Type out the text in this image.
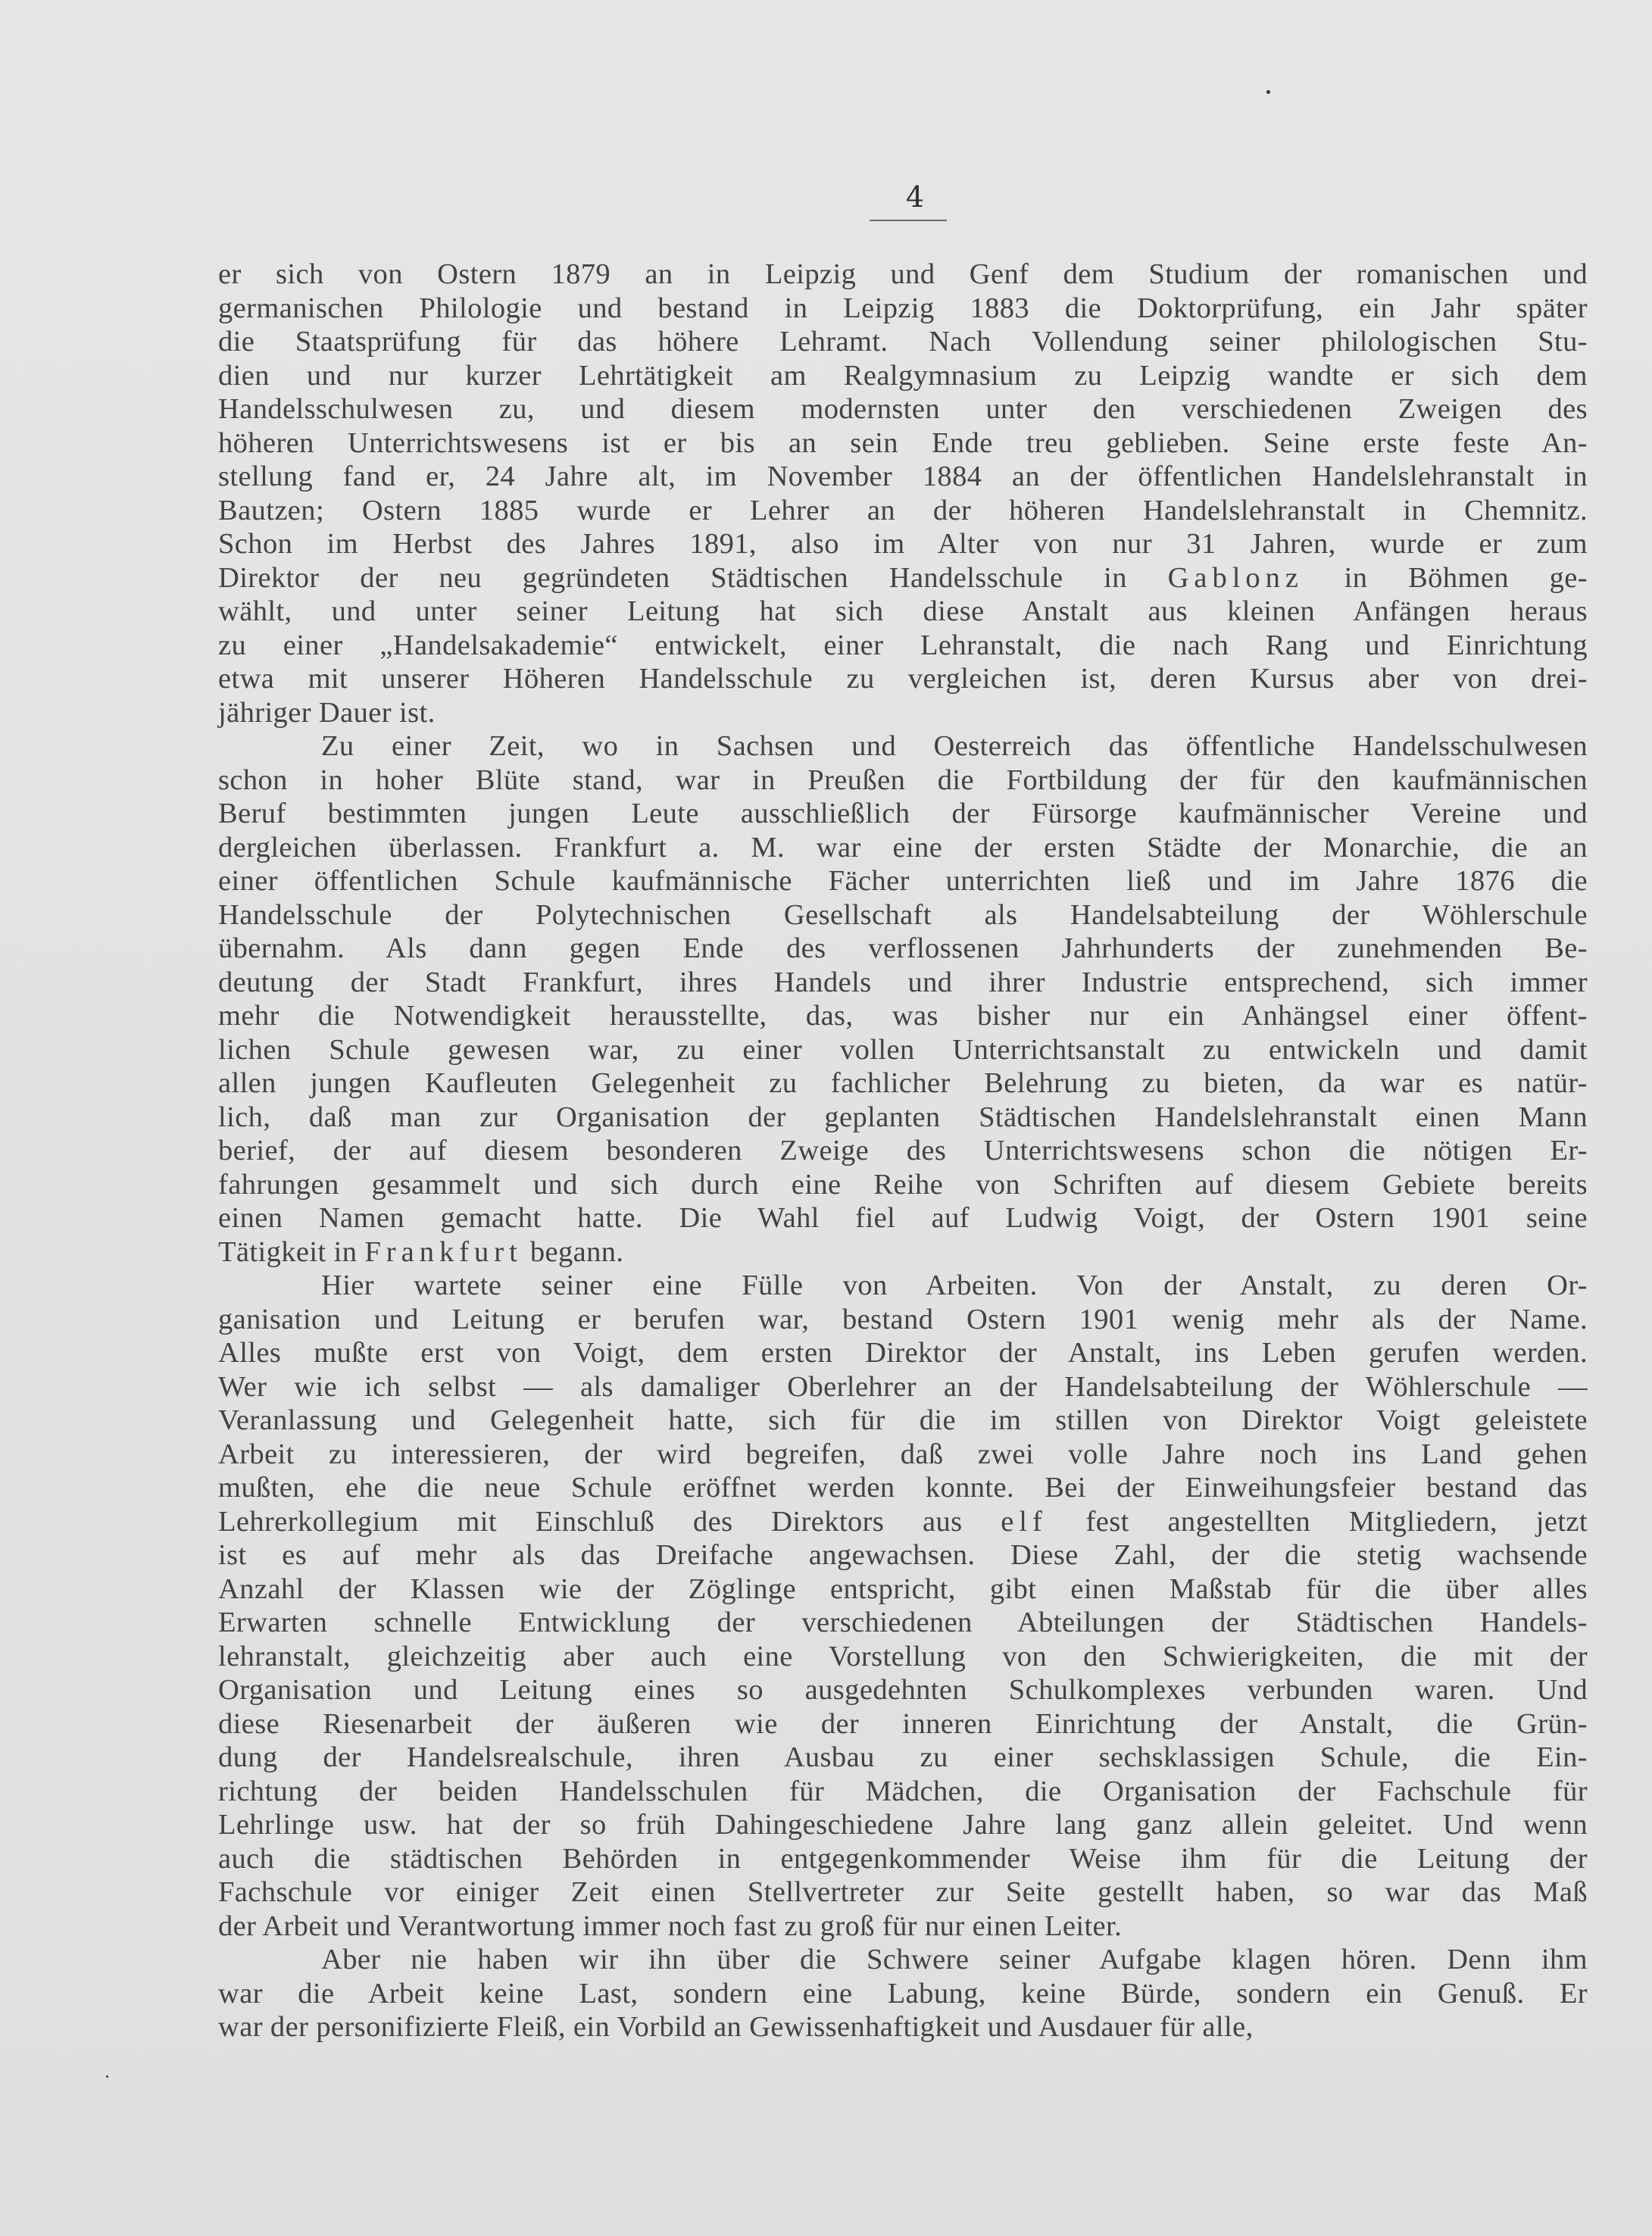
4
er sich von Ostern 1879 an in Leipzig und Genf dem Studium der romanischen und
germanischen Philologie und bestand in Leipzig 1883 die Doktorprüfung, ein Jahr später
die Staatsprüfung für das höhere Lehramt. Nach Vollendung seiner philologischen Stu-
dien und nur kurzer Lehrtätigkeit am Realgymnasium zu Leipzig wandte er sich dem
Handelsschulwesen zu, und diesem modernsten unter den verschiedenen Zweigen des
höheren Unterrichtswesens ist er bis an sein Ende treu geblieben. Seine erste feste An-
stellung fand er, 24 Jahre alt, im November 1884 an der öffentlichen Handelslehranstalt in
Bautzen; Ostern 1885 wurde er Lehrer an der höheren Handelslehranstalt in Chemnitz.
Schon im Herbst des Jahres 1891, also im Alter von nur 31 Jahren, wurde er zum
Direktor der neu gegründeten Städtischen Handelsschule in Gablonz in Böhmen ge-
wählt, und unter seiner Leitung hat sich diese Anstalt aus kleinen Anfängen heraus
zu einer „Handelsakademie“ entwickelt, einer Lehranstalt, die nach Rang und Einrichtung
etwa mit unserer Höheren Handelsschule zu vergleichen ist, deren Kursus aber von drei-
jähriger Dauer ist.
Zu einer Zeit, wo in Sachsen und Oesterreich das öffentliche Handelsschulwesen
schon in hoher Blüte stand, war in Preußen die Fortbildung der für den kaufmännischen
Beruf bestimmten jungen Leute ausschließlich der Fürsorge kaufmännischer Vereine und
dergleichen überlassen. Frankfurt a. M. war eine der ersten Städte der Monarchie, die an
einer öffentlichen Schule kaufmännische Fächer unterrichten ließ und im Jahre 1876 die
Handelsschule der Polytechnischen Gesellschaft als Handelsabteilung der Wöhlerschule
übernahm. Als dann gegen Ende des verflossenen Jahrhunderts der zunehmenden Be-
deutung der Stadt Frankfurt, ihres Handels und ihrer Industrie entsprechend, sich immer
mehr die Notwendigkeit herausstellte, das, was bisher nur ein Anhängsel einer öffent-
lichen Schule gewesen war, zu einer vollen Unterrichtsanstalt zu entwickeln und damit
allen jungen Kaufleuten Gelegenheit zu fachlicher Belehrung zu bieten, da war es natür-
lich, daß man zur Organisation der geplanten Städtischen Handelslehranstalt einen Mann
berief, der auf diesem besonderen Zweige des Unterrichtswesens schon die nötigen Er-
fahrungen gesammelt und sich durch eine Reihe von Schriften auf diesem Gebiete bereits
einen Namen gemacht hatte. Die Wahl fiel auf Ludwig Voigt, der Ostern 1901 seine
Tätigkeit in Frankfurt begann.
Hier wartete seiner eine Fülle von Arbeiten. Von der Anstalt, zu deren Or-
ganisation und Leitung er berufen war, bestand Ostern 1901 wenig mehr als der Name.
Alles mußte erst von Voigt, dem ersten Direktor der Anstalt, ins Leben gerufen werden.
Wer wie ich selbst — als damaliger Oberlehrer an der Handelsabteilung der Wöhlerschule —
Veranlassung und Gelegenheit hatte, sich für die im stillen von Direktor Voigt geleistete
Arbeit zu interessieren, der wird begreifen, daß zwei volle Jahre noch ins Land gehen
mußten, ehe die neue Schule eröffnet werden konnte. Bei der Einweihungsfeier bestand das
Lehrerkollegium mit Einschluß des Direktors aus elf fest angestellten Mitgliedern, jetzt
ist es auf mehr als das Dreifache angewachsen. Diese Zahl, der die stetig wachsende
Anzahl der Klassen wie der Zöglinge entspricht, gibt einen Maßstab für die über alles
Erwarten schnelle Entwicklung der verschiedenen Abteilungen der Städtischen Handels-
lehranstalt, gleichzeitig aber auch eine Vorstellung von den Schwierigkeiten, die mit der
Organisation und Leitung eines so ausgedehnten Schulkomplexes verbunden waren. Und
diese Riesenarbeit der äußeren wie der inneren Einrichtung der Anstalt, die Grün-
dung der Handelsrealschule, ihren Ausbau zu einer sechsklassigen Schule, die Ein-
richtung der beiden Handelsschulen für Mädchen, die Organisation der Fachschule für
Lehrlinge usw. hat der so früh Dahingeschiedene Jahre lang ganz allein geleitet. Und wenn
auch die städtischen Behörden in entgegenkommender Weise ihm für die Leitung der
Fachschule vor einiger Zeit einen Stellvertreter zur Seite gestellt haben, so war das Maß
der Arbeit und Verantwortung immer noch fast zu groß für nur einen Leiter.
Aber nie haben wir ihn über die Schwere seiner Aufgabe klagen hören. Denn ihm
war die Arbeit keine Last, sondern eine Labung, keine Bürde, sondern ein Genuß. Er
war der personifizierte Fleiß, ein Vorbild an Gewissenhaftigkeit und Ausdauer für alle,
